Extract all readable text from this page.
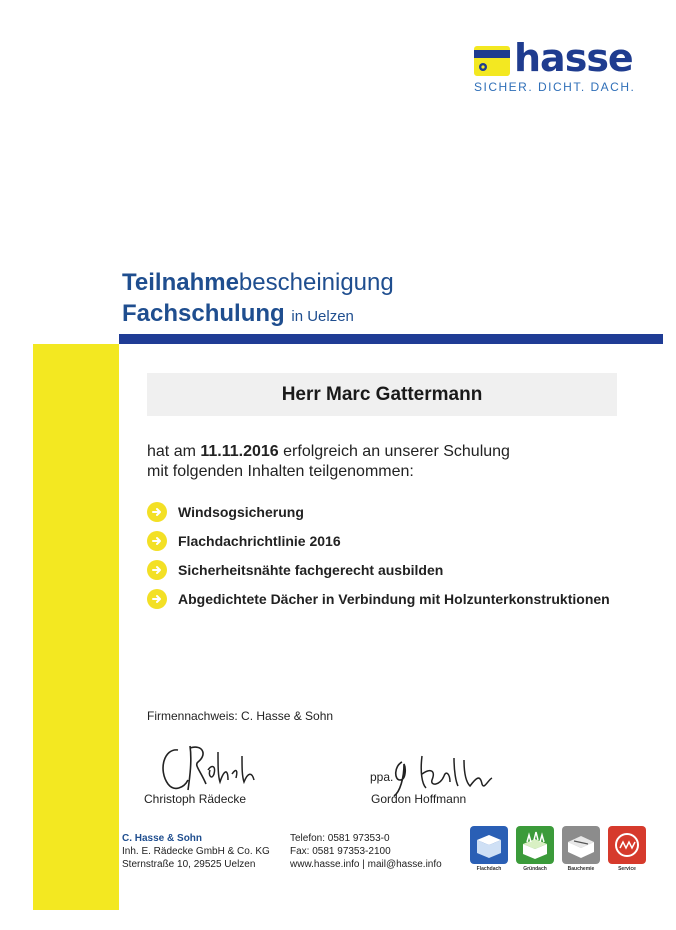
hasse
SICHER. DICHT. DACH.
Teilnahmebescheinigung
Fachschulung in Uelzen
Herr Marc Gattermann
hat am 11.11.2016 erfolgreich an unserer Schulung
mit folgenden Inhalten teilgenommen:
Windsogsicherung
Flachdachrichtlinie 2016
Sicherheitsnähte fachgerecht ausbilden
Abgedichtete Dächer in Verbindung mit Holzunterkonstruktionen
Firmennachweis: C. Hasse & Sohn
Christoph Rädecke
ppa.
Gordon Hoffmann
C. Hasse & Sohn
Inh. E. Rädecke GmbH & Co. KG
Sternstraße 10, 29525 Uelzen
Telefon: 0581 97353-0
Fax: 0581 97353-2100
www.hasse.info | mail@hasse.info	Flachdach	Gründach	Bauchemie	Service
